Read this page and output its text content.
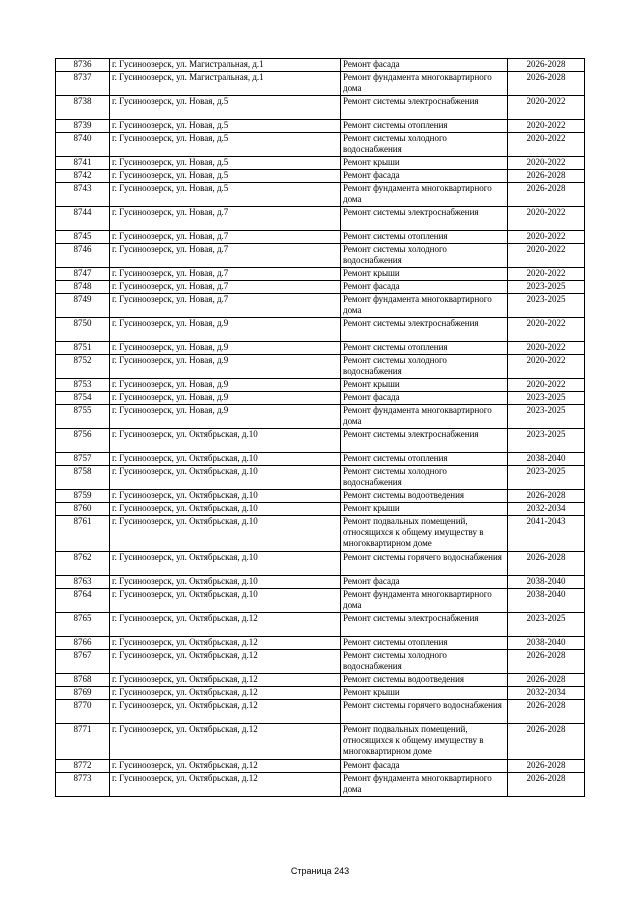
8736	г. Гусиноозерск, ул. Магистральная, д.1	Ремонт фасада	2026-2028
8737	г. Гусиноозерск, ул. Магистральная, д.1	Ремонт фундамента многоквартирного дома	2026-2028
8738	г. Гусиноозерск, ул. Новая, д.5	Ремонт системы электроснабжения	2020-2022
8739	г. Гусиноозерск, ул. Новая, д.5	Ремонт системы отопления	2020-2022
8740	г. Гусиноозерск, ул. Новая, д.5	Ремонт системы холодного водоснабжения	2020-2022
8741	г. Гусиноозерск, ул. Новая, д.5	Ремонт крыши	2020-2022
8742	г. Гусиноозерск, ул. Новая, д.5	Ремонт фасада	2026-2028
8743	г. Гусиноозерск, ул. Новая, д.5	Ремонт фундамента многоквартирного дома	2026-2028
8744	г. Гусиноозерск, ул. Новая, д.7	Ремонт системы электроснабжения	2020-2022
8745	г. Гусиноозерск, ул. Новая, д.7	Ремонт системы отопления	2020-2022
8746	г. Гусиноозерск, ул. Новая, д.7	Ремонт системы холодного водоснабжения	2020-2022
8747	г. Гусиноозерск, ул. Новая, д.7	Ремонт крыши	2020-2022
8748	г. Гусиноозерск, ул. Новая, д.7	Ремонт фасада	2023-2025
8749	г. Гусиноозерск, ул. Новая, д.7	Ремонт фундамента многоквартирного дома	2023-2025
8750	г. Гусиноозерск, ул. Новая, д.9	Ремонт системы электроснабжения	2020-2022
8751	г. Гусиноозерск, ул. Новая, д.9	Ремонт системы отопления	2020-2022
8752	г. Гусиноозерск, ул. Новая, д.9	Ремонт системы холодного водоснабжения	2020-2022
8753	г. Гусиноозерск, ул. Новая, д.9	Ремонт крыши	2020-2022
8754	г. Гусиноозерск, ул. Новая, д.9	Ремонт фасада	2023-2025
8755	г. Гусиноозерск, ул. Новая, д.9	Ремонт фундамента многоквартирного дома	2023-2025
8756	г. Гусиноозерск, ул. Октябрьская, д.10	Ремонт системы электроснабжения	2023-2025
8757	г. Гусиноозерск, ул. Октябрьская, д.10	Ремонт системы отопления	2038-2040
8758	г. Гусиноозерск, ул. Октябрьская, д.10	Ремонт системы холодного водоснабжения	2023-2025
8759	г. Гусиноозерск, ул. Октябрьская, д.10	Ремонт системы водоотведения	2026-2028
8760	г. Гусиноозерск, ул. Октябрьская, д.10	Ремонт крыши	2032-2034
8761	г. Гусиноозерск, ул. Октябрьская, д.10	Ремонт подвальных помещений, относящихся к общему имуществу в многоквартирном доме	2041-2043
8762	г. Гусиноозерск, ул. Октябрьская, д.10	Ремонт системы горячего водоснабжения	2026-2028
8763	г. Гусиноозерск, ул. Октябрьская, д.10	Ремонт фасада	2038-2040
8764	г. Гусиноозерск, ул. Октябрьская, д.10	Ремонт фундамента многоквартирного дома	2038-2040
8765	г. Гусиноозерск, ул. Октябрьская, д.12	Ремонт системы электроснабжения	2023-2025
8766	г. Гусиноозерск, ул. Октябрьская, д.12	Ремонт системы отопления	2038-2040
8767	г. Гусиноозерск, ул. Октябрьская, д.12	Ремонт системы холодного водоснабжения	2026-2028
8768	г. Гусиноозерск, ул. Октябрьская, д.12	Ремонт системы водоотведения	2026-2028
8769	г. Гусиноозерск, ул. Октябрьская, д.12	Ремонт крыши	2032-2034
8770	г. Гусиноозерск, ул. Октябрьская, д.12	Ремонт системы горячего водоснабжения	2026-2028
8771	г. Гусиноозерск, ул. Октябрьская, д.12	Ремонт подвальных помещений, относящихся к общему имуществу в многоквартирном доме	2026-2028
8772	г. Гусиноозерск, ул. Октябрьская, д.12	Ремонт фасада	2026-2028
8773	г. Гусиноозерск, ул. Октябрьская, д.12	Ремонт фундамента многоквартирного дома	2026-2028
Страница 243
